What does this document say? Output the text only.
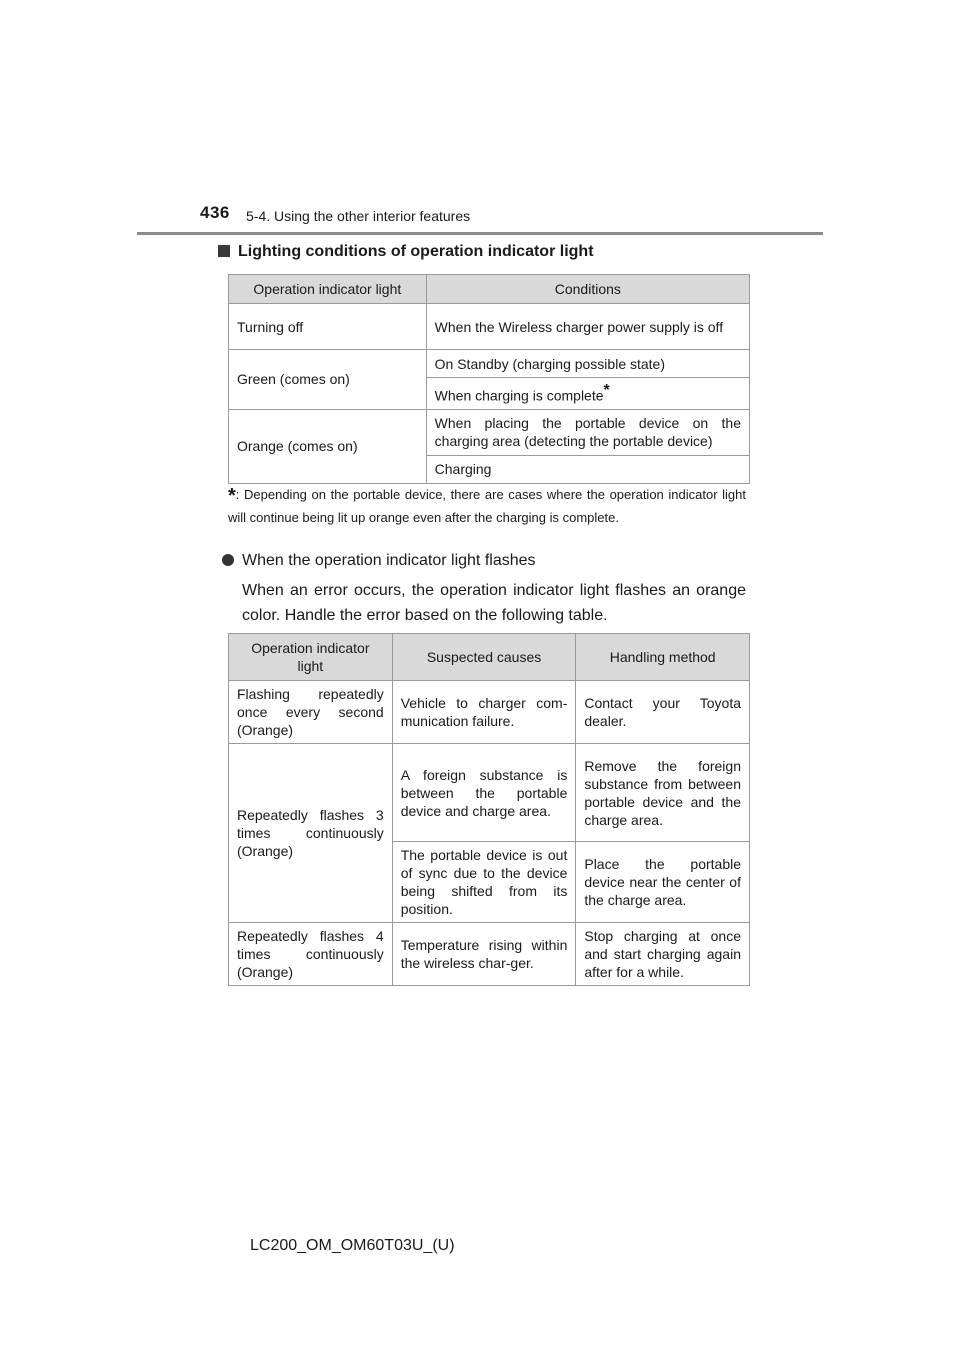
436 5-4. Using the other interior features
Lighting conditions of operation indicator light
Operation indicator light	Conditions
Turning off	When the Wireless charger power supply is off
Green (comes on)	On Standby (charging possible state)
	When charging is complete*
Orange (comes on)	When placing the portable device on the charging area (detecting the portable device)
	Charging
*: Depending on the portable device, there are cases where the operation indicator light will continue being lit up orange even after the charging is complete.
When the operation indicator light flashes
When an error occurs, the operation indicator light flashes an orange color. Handle the error based on the following table.
Operation indicator light	Suspected causes	Handling method
Flashing repeatedly once every second (Orange)	Vehicle to charger com-munication failure.	Contact your Toyota dealer.
Repeatedly flashes 3 times continuously (Orange)	A foreign substance is between the portable device and charge area.	Remove the foreign substance from between portable device and the charge area.
	The portable device is out of sync due to the device being shifted from its position.	Place the portable device near the center of the charge area.
Repeatedly flashes 4 times continuously (Orange)	Temperature rising within the wireless char-ger.	Stop charging at once and start charging again after for a while.
LC200_OM_OM60T03U_(U)
